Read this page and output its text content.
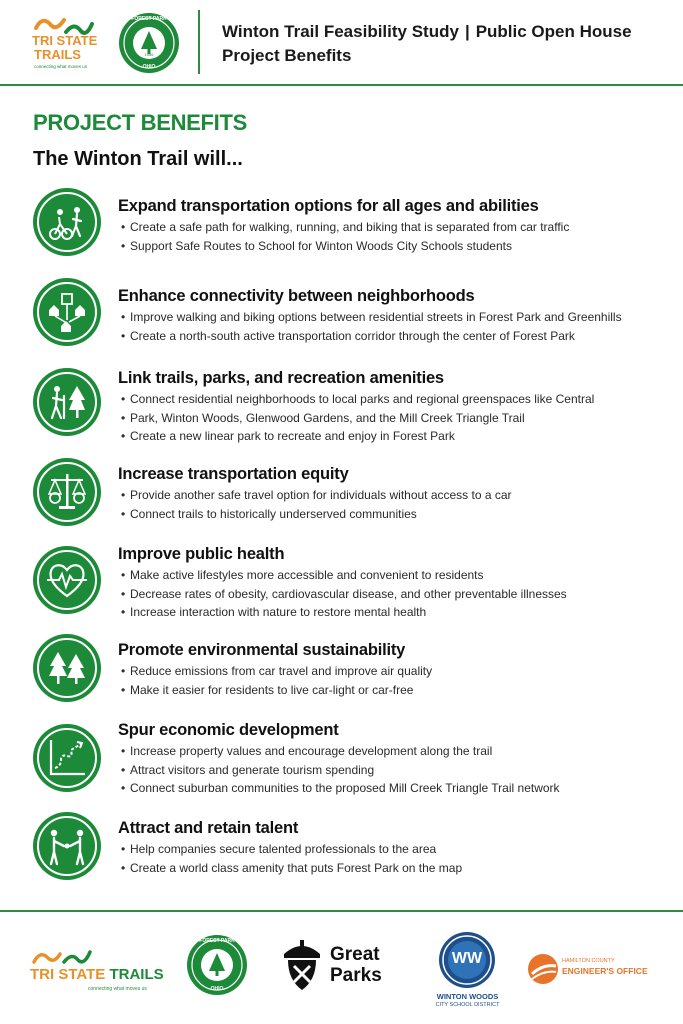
TRI STATE
TRAILS
connecting what moves us
FOREST PARK
1956
OHIO
Winton Trail Feasibility Study | Public Open House
Project Benefits
PROJECT BENEFITS
The Winton Trail will...
Expand transportation options for all ages and abilities
• Create a safe path for walking, running, and biking that is separated from car traffic
• Support Safe Routes to School for Winton Woods City Schools students
Enhance connectivity between neighborhoods
• Improve walking and biking options between residential streets in Forest Park and Greenhills
• Create a north-south active transportation corridor through the center of Forest Park
Link trails, parks, and recreation amenities
• Connect residential neighborhoods to local parks and regional greenspaces like Central
• Park, Winton Woods, Glenwood Gardens, and the Mill Creek Triangle Trail
• Create a new linear park to recreate and enjoy in Forest Park
Increase transportation equity
• Provide another safe travel option for individuals without access to a car
• Connect trails to historically underserved communities
Improve public health
• Make active lifestyles more accessible and convenient to residents
• Decrease rates of obesity, cardiovascular disease, and other preventable illnesses
• Increase interaction with nature to restore mental health
Promote environmental sustainability
• Reduce emissions from car travel and improve air quality
• Make it easier for residents to live car-light or car-free
Spur economic development
• Increase property values and encourage development along the trail
• Attract visitors and generate tourism spending
• Connect suburban communities to the proposed Mill Creek Triangle Trail network
Attract and retain talent
• Help companies secure talented professionals to the area
• Create a world class amenity that puts Forest Park on the map
TRI STATE TRAILS
connecting what moves us
FOREST PARK
OHIO
Great
Parks
WW
WINTON WOODS
CITY SCHOOL DISTRICT
HAMILTON COUNTY
ENGINEER'S OFFICE
